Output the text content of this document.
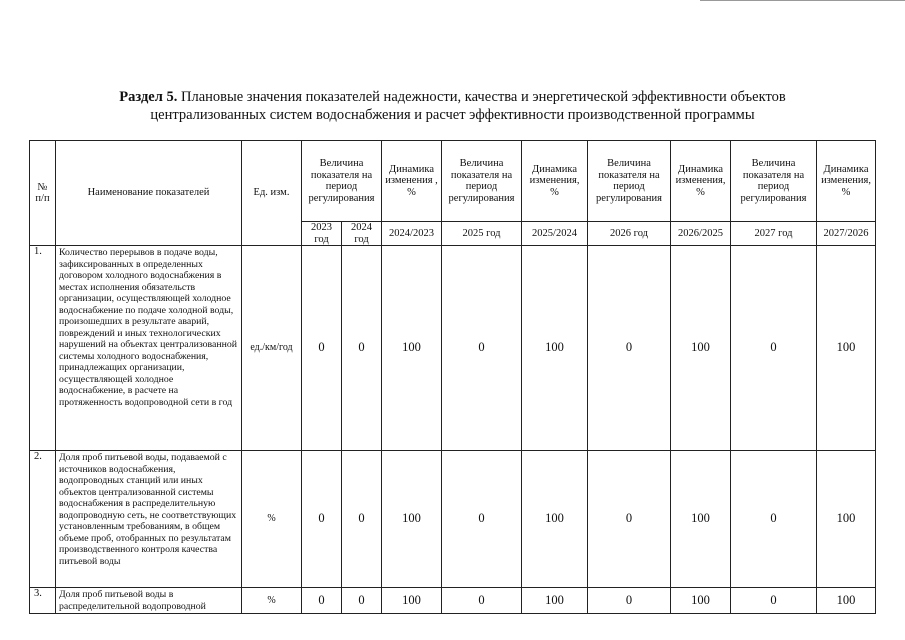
Раздел 5. Плановые значения показателей надежности, качества и энергетической эффективности объектов
централизованных систем водоснабжения и расчет эффективности производственной программы
№ п/п	Наименование показателей	Ед. изм.	Величина показателя на период регулирования		Динамика изменения , %	Величина показателя на период регулирования	Динамика изменения, %	Величина показателя на период регулирования	Динамика изменения, %	Величина показателя на период регулирования	Динамика изменения, %
			2023 год	2024 год	2024/2023	2025 год	2025/2024	2026 год	2026/2025	2027 год	2027/2026
1.	Количество перерывов в подаче воды, зафиксированных в определенных договором холодного водоснабжения в местах исполнения обязательств организации, осуществляющей холодное водоснабжение по подаче холодной воды, произошедших в результате аварий, повреждений и иных технологических нарушений на объектах централизованной системы холодного водоснабжения, принадлежащих организации, осуществляющей холодное водоснабжение, в расчете на протяженность водопроводной сети в год	ед./км/год	0	0	100	0	100	0	100	0	100
2.	Доля проб питьевой воды, подаваемой с источников водоснабжения, водопроводных станций или иных объектов централизованной системы водоснабжения в распределительную водопроводную сеть, не соответствующих установленным требованиям, в общем объеме проб, отобранных по результатам производственного контроля качества питьевой воды	%	0	0	100	0	100	0	100	0	100
3.	Доля проб питьевой воды в распределительной водопроводной	%	0	0	100	0	100	0	100	0	100
